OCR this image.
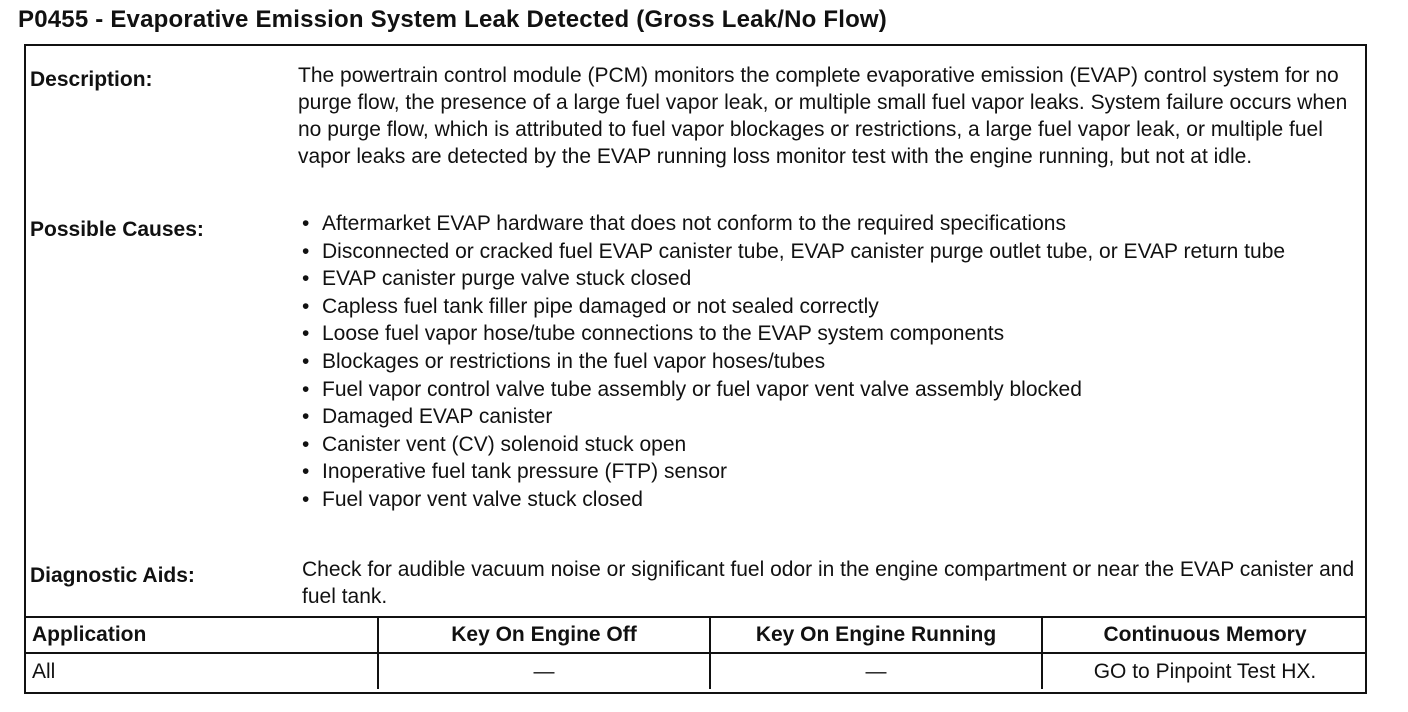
P0455 - Evaporative Emission System Leak Detected (Gross Leak/No Flow)
Description:	The powertrain control module (PCM) monitors the complete evaporative emission (EVAP) control system for no purge flow, the presence of a large fuel vapor leak, or multiple small fuel vapor leaks. System failure occurs when no purge flow, which is attributed to fuel vapor blockages or restrictions, a large fuel vapor leak, or multiple fuel vapor leaks are detected by the EVAP running loss monitor test with the engine running, but not at idle.
Possible Causes:	• Aftermarket EVAP hardware that does not conform to the required specifications
• Disconnected or cracked fuel EVAP canister tube, EVAP canister purge outlet tube, or EVAP return tube
• EVAP canister purge valve stuck closed
• Capless fuel tank filler pipe damaged or not sealed correctly
• Loose fuel vapor hose/tube connections to the EVAP system components
• Blockages or restrictions in the fuel vapor hoses/tubes
• Fuel vapor control valve tube assembly or fuel vapor vent valve assembly blocked
• Damaged EVAP canister
• Canister vent (CV) solenoid stuck open
• Inoperative fuel tank pressure (FTP) sensor
• Fuel vapor vent valve stuck closed
Diagnostic Aids:	Check for audible vacuum noise or significant fuel odor in the engine compartment or near the EVAP canister and fuel tank.
Application	Key On Engine Off	Key On Engine Running	Continuous Memory
All	—	—	GO to Pinpoint Test HX.
